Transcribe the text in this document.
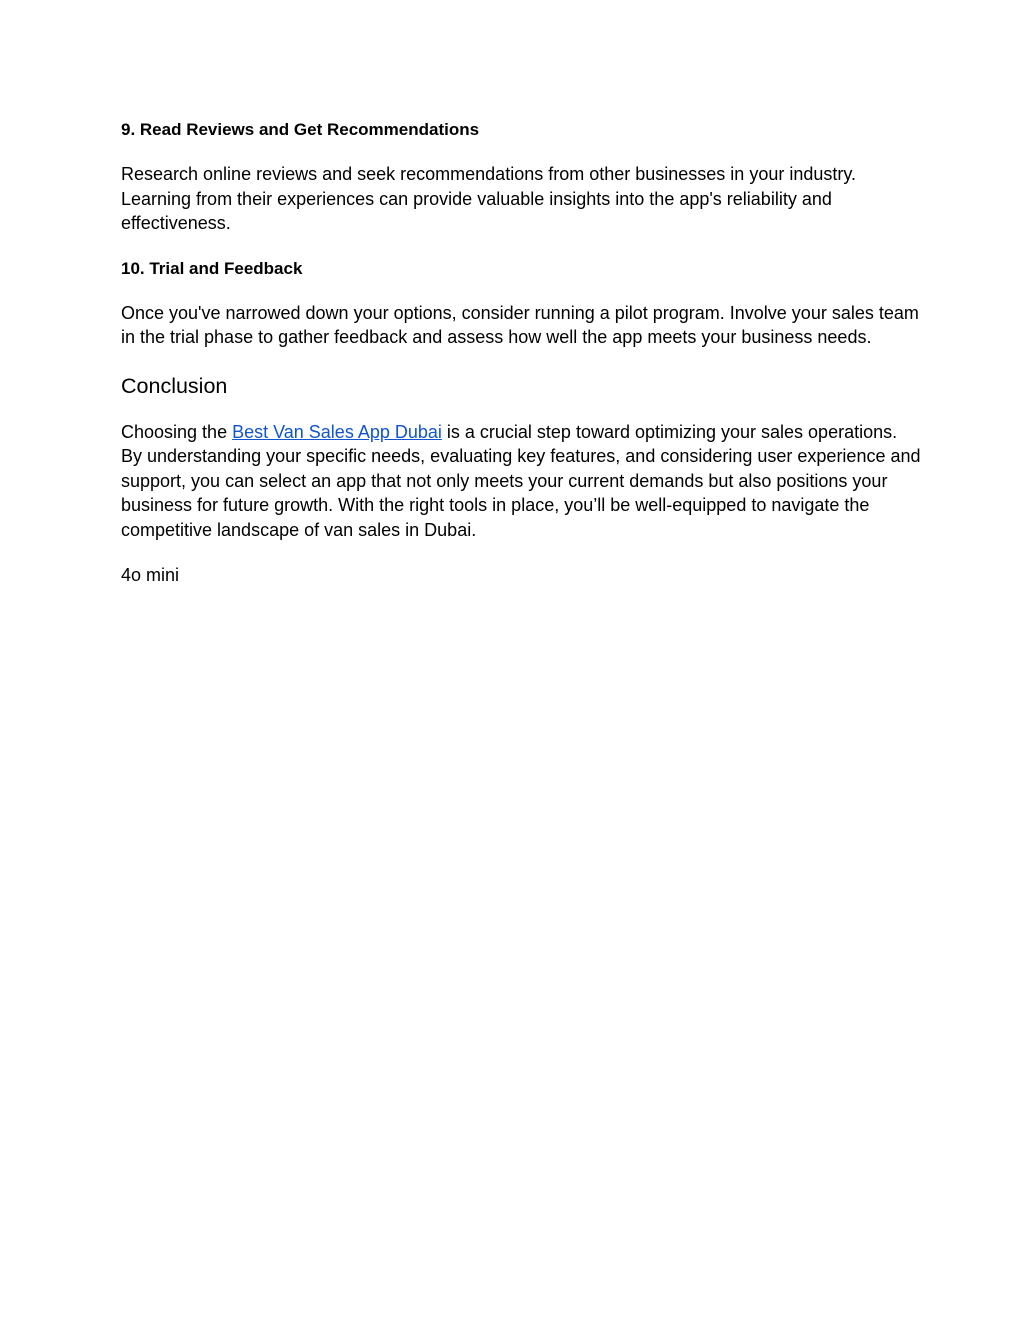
9. Read Reviews and Get Recommendations

Research online reviews and seek recommendations from other businesses in your industry. Learning from their experiences can provide valuable insights into the app's reliability and effectiveness.

10. Trial and Feedback

Once you've narrowed down your options, consider running a pilot program. Involve your sales team in the trial phase to gather feedback and assess how well the app meets your business needs.

Conclusion

Choosing the Best Van Sales App Dubai is a crucial step toward optimizing your sales operations. By understanding your specific needs, evaluating key features, and considering user experience and support, you can select an app that not only meets your current demands but also positions your business for future growth. With the right tools in place, you’ll be well-equipped to navigate the competitive landscape of van sales in Dubai.

4o mini
